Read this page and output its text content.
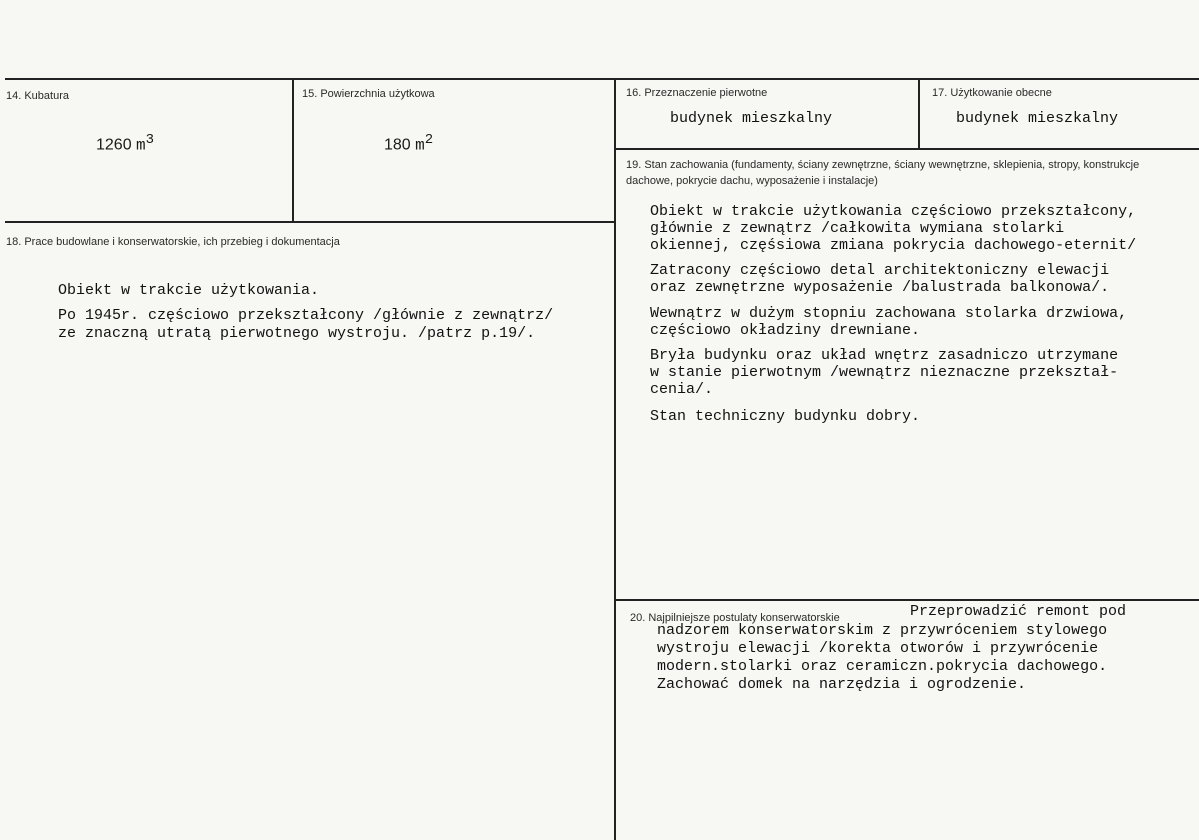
14. Kubatura
1260 $m^3$
15. Powierzchnia użytkowa
180 $m^2$
16. Przeznaczenie pierwotne
budynek mieszkalny
17. Użytkowanie obecne
budynek mieszkalny
18. Prace budowlane i konserwatorskie, ich przebieg i dokumentacja
Obiekt w trakcie użytkowania.
Po 1945r. częściowo przekształcony /głównie z zewnątrz/
ze znaczną utratą pierwotnego wystroju. /patrz p.19/.
19. Stan zachowania (fundamenty, ściany zewnętrzne, ściany wewnętrzne, sklepienia, stropy, konstrukcje dachowe, pokrycie dachu, wyposażenie i instalacje)
Obiekt w trakcie użytkowania częściowo przekształcony,
głównie z zewnątrz /całkowita wymiana stolarki
okiennej, częśsiowa zmiana pokrycia dachowego-eternit/
Zatracony częściowo detal architektoniczny elewacji
oraz zewnętrzne wyposażenie /balustrada balkonowa/.
Wewnątrz w dużym stopniu zachowana stolarka drzwiowa,
częściowo okładziny drewniane.
Bryła budynku oraz układ wnętrz zasadniczo utrzymane
w stanie pierwotnym /wewnątrz nieznaczne przekształ-
cenia/.
Stan techniczny budynku dobry.
20. Najpilniejsze postulaty konserwatorskie	Przeprowadzić remont pod
nadzorem konserwatorskim z przywróceniem stylowego
wystroju elewacji /korekta otworów i przywrócenie
modern.stolarki oraz ceramiczn.pokrycia dachowego.
Zachować domek na narzędzia i ogrodzenie.
